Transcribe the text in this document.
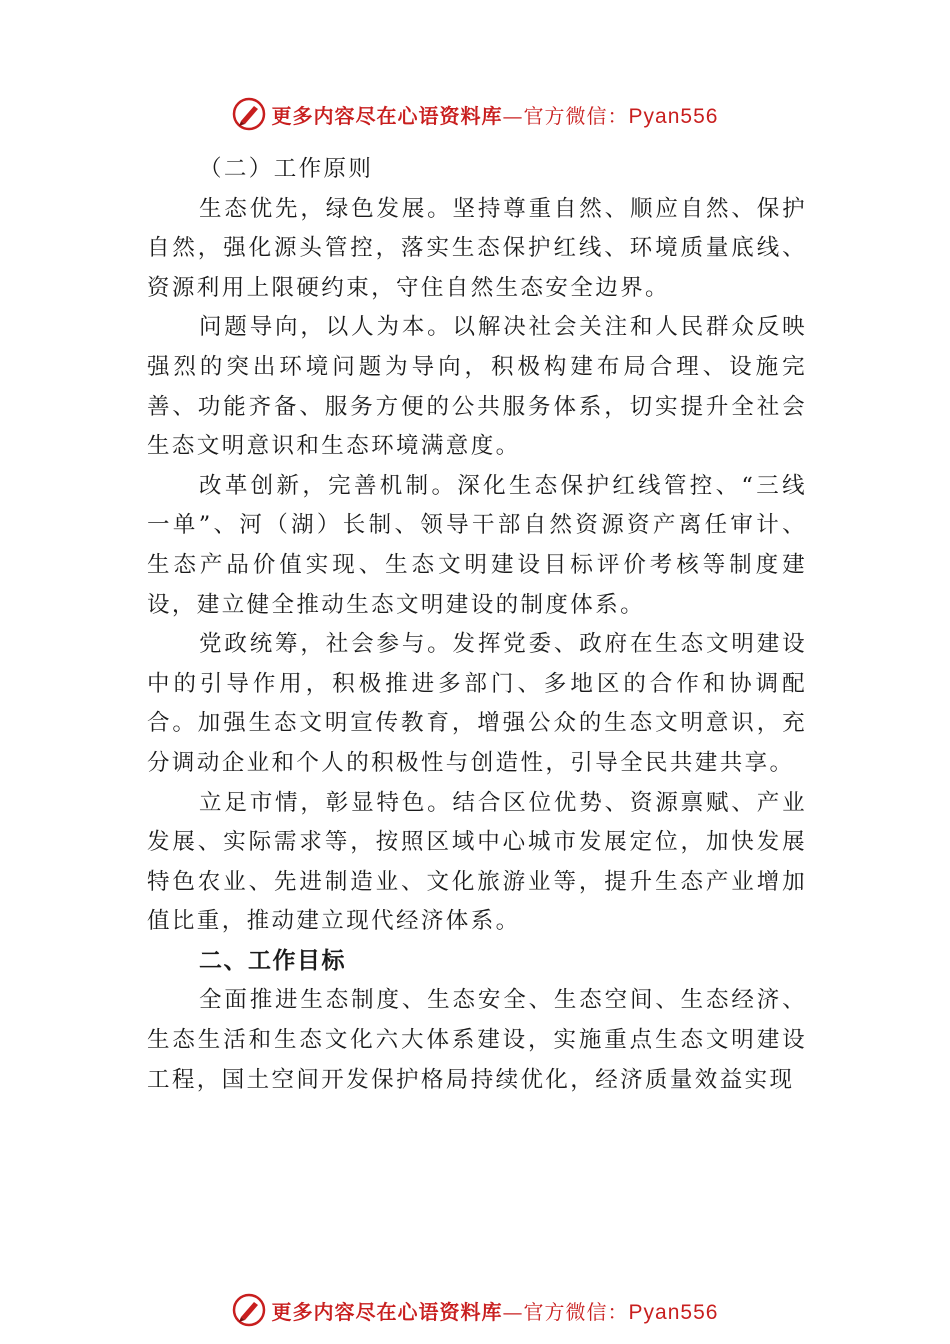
更多内容尽在心语资料库—官方微信：Pyan556

（二）工作原则

生态优先，绿色发展。坚持尊重自然、顺应自然、保护自然，强化源头管控，落实生态保护红线、环境质量底线、 资源利用上限硬约束，守住自然生态安全边界。

问题导向，以人为本。以解决社会关注和人民群众反映强烈的突出环境问题为导向，积极构建布局合理、设施完善、功能齐备、服务方便的公共服务体系，切实提升全社会生态文明意识和生态环境满意度。

改革创新，完善机制。深化生态保护红线管控、“三线一单”、河（湖）长制、领导干部自然资源资产离任审计、生态产品价值实现、生态文明建设目标评价考核等制度建设，建立健全推动生态文明建设的制度体系。

党政统筹，社会参与。发挥党委、政府在生态文明建设中的引导作用，积极推进多部门、多地区的合作和协调配合。加强生态文明宣传教育，增强公众的生态文明意识，充分调动企业和个人的积极性与创造性，引导全民共建共享。

立足市情，彰显特色。结合区位优势、资源禀赋、产业发展、实际需求等，按照区域中心城市发展定位，加快发展特色农业、先进制造业、文化旅游业等，提升生态产业增加 值比重，推动建立现代经济体系。

二、工作目标

全面推进生态制度、生态安全、生态空间、生态经济、生态生活和生态文化六大体系建设，实施重点生态文明建设工程，国土空间开发保护格局持续优化，经济质量效益实现

更多内容尽在心语资料库—官方微信：Pyan556
